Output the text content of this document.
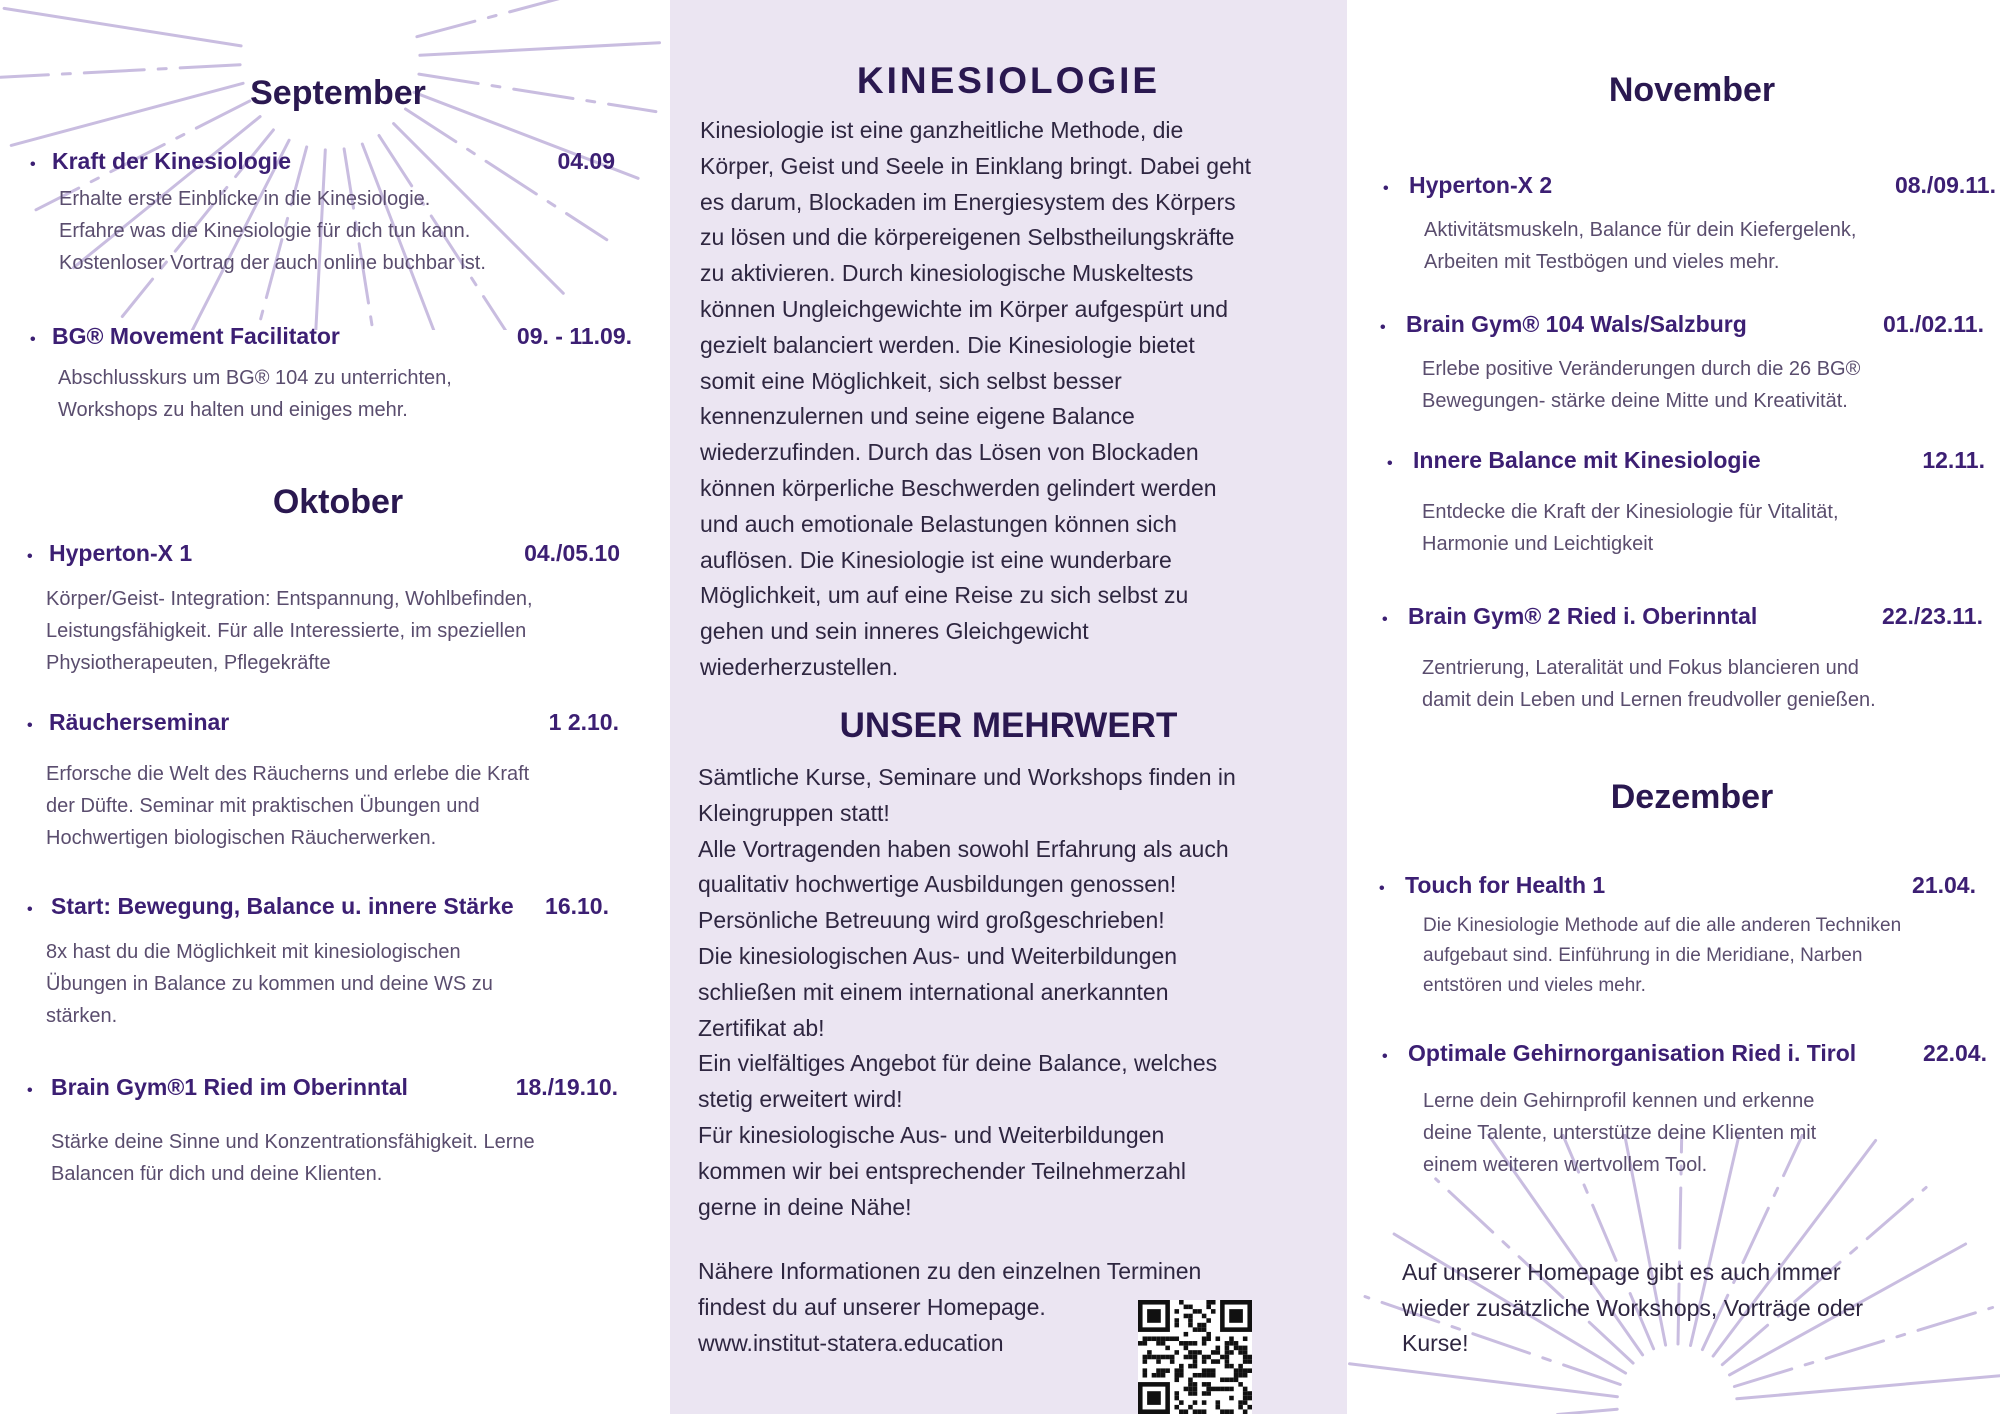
September
• Kraft der Kinesiologie	04.09
Erhalte erste Einblicke in die Kinesiologie.
Erfahre was die Kinesiologie für dich tun kann.
Kostenloser Vortrag der auch online buchbar ist.
• BG® Movement Facilitator	09. - 11.09.
Abschlusskurs um BG® 104 zu unterrichten,
Workshops zu halten und einiges mehr.
Oktober
• Hyperton-X 1	04./05.10
Körper/Geist- Integration: Entspannung, Wohlbefinden,
Leistungsfähigkeit. Für alle Interessierte, im speziellen
Physiotherapeuten, Pflegekräfte
• Räucherseminar	1 2.10.
Erforsche die Welt des Räucherns und erlebe die Kraft
der Düfte. Seminar mit praktischen Übungen und
Hochwertigen biologischen Räucherwerken.
• Start: Bewegung, Balance u. innere Stärke	16.10.
8x hast du die Möglichkeit mit kinesiologischen
Übungen in Balance zu kommen und deine WS zu
stärken.
• Brain Gym®1 Ried im Oberinntal	18./19.10.
Stärke deine Sinne und Konzentrationsfähigkeit. Lerne
Balancen für dich und deine Klienten.
KINESIOLOGIE

Kinesiologie ist eine ganzheitliche Methode, die

Körper, Geist und Seele in Einklang bringt. Dabei geht

es darum, Blockaden im Energiesystem des Körpers

zu lösen und die körpereigenen Selbstheilungskräfte

zu aktivieren. Durch kinesiologische Muskeltests

können Ungleichgewichte im Körper aufgespürt und

gezielt balanciert werden. Die Kinesiologie bietet

somit eine Möglichkeit, sich selbst besser

kennenzulernen und seine eigene Balance

wiederzufinden. Durch das Lösen von Blockaden

können körperliche Beschwerden gelindert werden

und auch emotionale Belastungen können sich

auflösen. Die Kinesiologie ist eine wunderbare

Möglichkeit, um auf eine Reise zu sich selbst zu

gehen und sein inneres Gleichgewicht

wiederherzustellen.

UNSER MEHRWERT

Sämtliche Kurse, Seminare und Workshops finden in

Kleingruppen statt!

Alle Vortragenden haben sowohl Erfahrung als auch

qualitativ hochwertige Ausbildungen genossen!

Persönliche Betreuung wird großgeschrieben!

Die kinesiologischen Aus- und Weiterbildungen

schließen mit einem international anerkannten

Zertifikat ab!

Ein vielfältiges Angebot für deine Balance, welches

stetig erweitert wird!

Für kinesiologische Aus- und Weiterbildungen

kommen wir bei entsprechender Teilnehmerzahl

gerne in deine Nähe!

Nähere Informationen zu den einzelnen Terminen

findest du auf unserer Homepage.

www.institut-statera.education

November
• Hyperton-X 2	08./09.11.
Aktivitätsmuskeln, Balance für dein Kiefergelenk,
Arbeiten mit Testbögen und vieles mehr.
• Brain Gym® 104 Wals/Salzburg	01./02.11.
Erlebe positive Veränderungen durch die 26 BG®
Bewegungen- stärke deine Mitte und Kreativität.
• Innere Balance mit Kinesiologie	12.11.
Entdecke die Kraft der Kinesiologie für Vitalität,
Harmonie und Leichtigkeit
• Brain Gym® 2 Ried i. Oberinntal	22./23.11.
Zentrierung, Lateralität und Fokus blancieren und
damit dein Leben und Lernen freudvoller genießen.
Dezember
• Touch for Health 1	21.04.
Die Kinesiologie Methode auf die alle anderen Techniken
aufgebaut sind. Einführung in die Meridiane, Narben
entstören und vieles mehr.
• Optimale Gehirnorganisation Ried i. Tirol	22.04.
Lerne dein Gehirnprofil kennen und erkenne
deine Talente, unterstütze deine Klienten mit
einem weiteren wertvollem Tool.
Auf unserer Homepage gibt es auch immer
wieder zusätzliche Workshops, Vorträge oder
Kurse!
